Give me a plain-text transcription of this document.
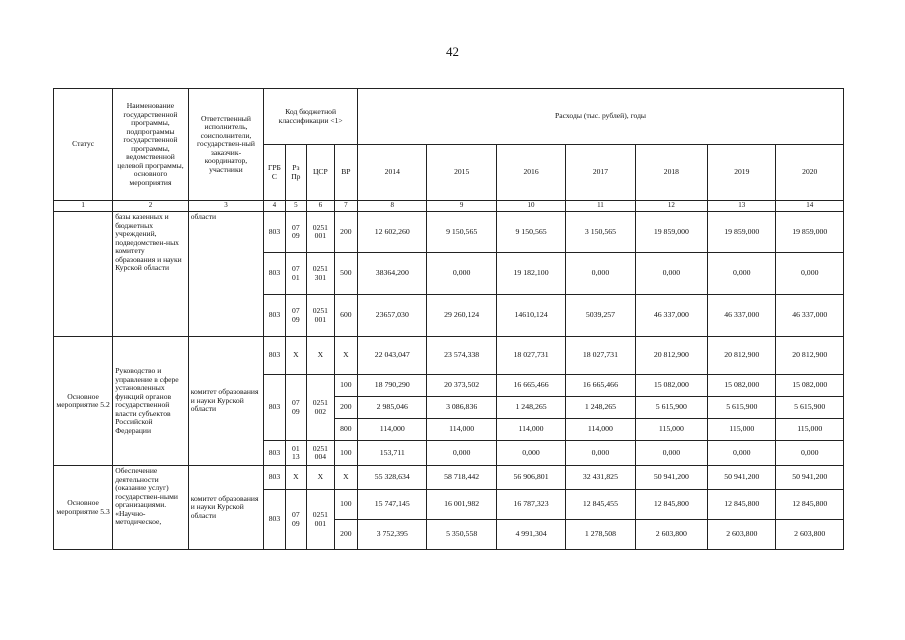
42
Статус	Наименование государственной программы, подпрограммы государственной программы, ведомственной целевой программы, основного мероприятия	Ответственный исполнитель, соисполнители, государствен-ный заказчик-координатор, участники	Код бюджетной классификации <1>				Расходы (тыс. рублей), годы						
			ГРБ С	Рз Пр	ЦСР	ВР	2014	2015	2016	2017	2018	2019	2020
1	2	3	4	5	6	7	8	9	10	11	12	13	14
	базы казенных и бюджетных учреждений, подведомствен-ных комитету образования и науки Курской области	области	803	07 09	0251 001	200	12 602,260	9 150,565	9 150,565	3 150,565	19 859,000	19 859,000	19 859,000
			803	07 01	0251 301	500	38364,200	0,000	19 182,100	0,000	0,000	0,000	0,000
			803	07 09	0251 001	600	23657,030	29 260,124	14610,124	5039,257	46 337,000	46 337,000	46 337,000
Основное мероприятие 5.2	Руководство и управление в сфере установленных функций органов государственной власти субъектов Российской Федерации	комитет образования и науки Курской области	803	X	X	X	22 043,047	23 574,338	18 027,731	18 027,731	20 812,900	20 812,900	20 812,900
			803	07 09	0251 002	100	18 790,290	20 373,502	16 665,466	16 665,466	15 082,000	15 082,000	15 082,000
						200	2 985,046	3 086,836	1 248,265	1 248,265	5 615,900	5 615,900	5 615,900
						800	114,000	114,000	114,000	114,000	115,000	115,000	115,000
			803	01 13	0251 004	100	153,711	0,000	0,000	0,000	0,000	0,000	0,000
Основное мероприятие 5.3	Обеспечение деятельности (оказание услуг) государствен-ными организациями. «Научно-методическое,	комитет образования и науки Курской области	803	X	X	X	55 328,634	58 718,442	56 906,801	32 431,825	50 941,200	50 941,200	50 941,200
			803	07 09	0251 001	100	15 747,145	16 001,982	16 787,323	12 845,455	12 845,800	12 845,800	12 845,800
						200	3 752,395	5 350,558	4 991,304	1 278,508	2 603,800	2 603,800	2 603,800
